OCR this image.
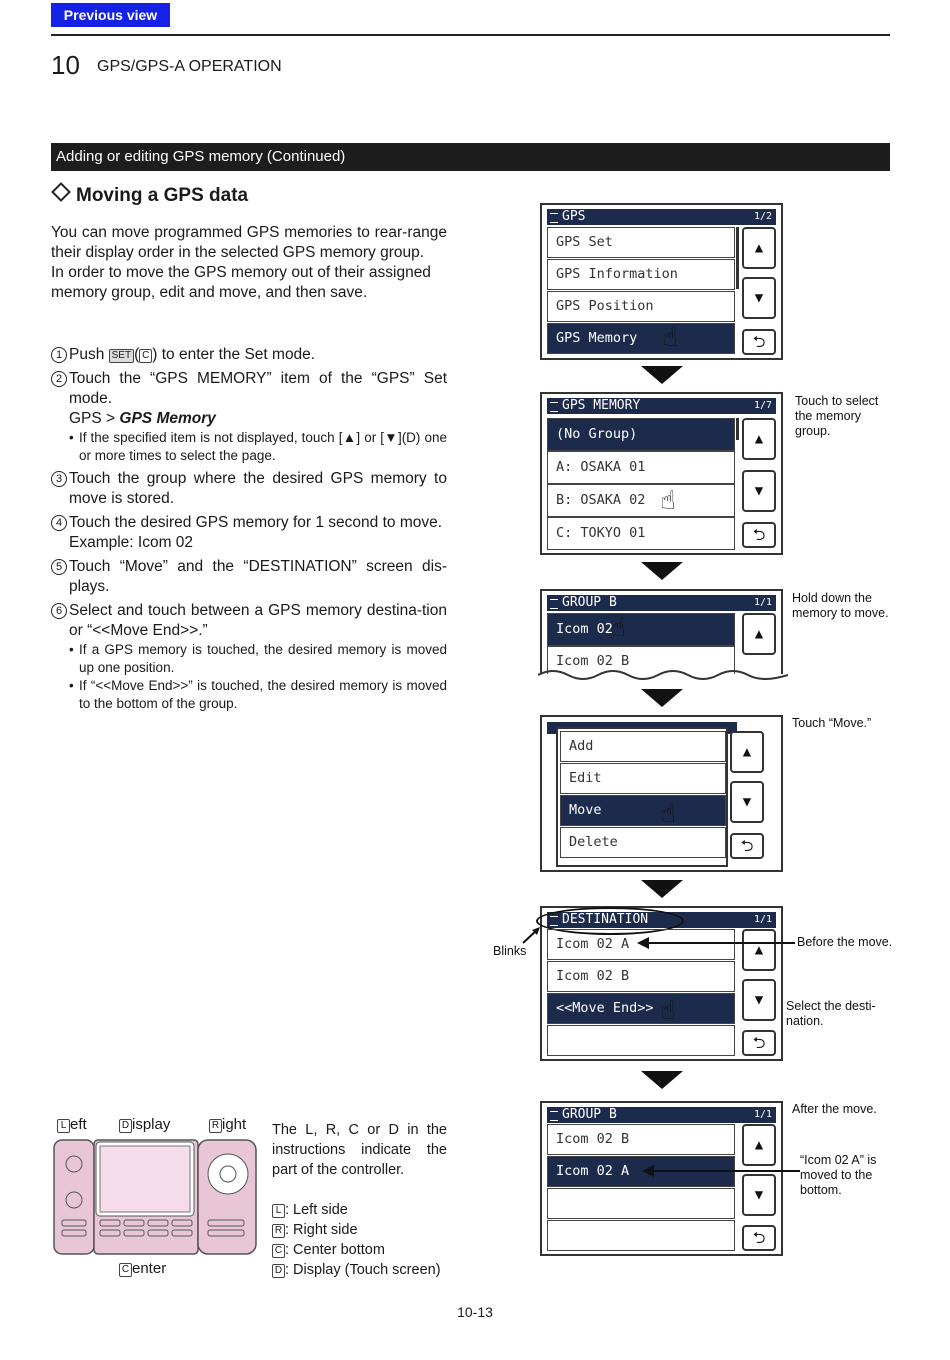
Previous view
10 GPS/GPS-A OPERATION
Adding or editing GPS memory (Continued)
Moving a GPS data
You can move programmed GPS memories to rear-range their display order in the selected GPS memory group.
In order to move the GPS memory out of their assigned memory group, edit and move, and then save.
1 Push SET ( C ) to enter the Set mode.
2 Touch the “GPS MEMORY” item of the “GPS” Set mode.
GPS > GPS Memory
• If the specified item is not displayed, touch [▲] or [▼](D) one or more times to select the page.
3 Touch the group where the desired GPS memory to move is stored.
4 Touch the desired GPS memory for 1 second to move.
Example: Icom 02
5 Touch “Move” and the “DESTINATION” screen dis-plays.
6 Select and touch between a GPS memory destina-tion or “<<Move End>>.”
• If a GPS memory is touched, the desired memory is moved up one position.
• If “<<Move End>>” is touched, the desired memory is moved to the bottom of the group.
GPS	1/2
GPS Set
GPS Information
GPS Position
GPS Memory
▲
▼
⮌
☝
GPS MEMORY	1/7
(No Group)
A: OSAKA 01
B: OSAKA 02
C: TOKYO 01
▲
▼
⮌
☝
Touch to select the memory group.
GROUP B	1/1
Icom 02
Icom 02 B
▲
☝
Hold down the memory to move.
Add
Edit
Move
Delete
▲
▼
⮌
☝
Touch “Move.”
DESTINATION	1/1
Icom 02 A
Icom 02 B
<<Move End>>
▲
▼
⮌
☝
Blinks
Before the move.
Select the desti-nation.
GROUP B	1/1
Icom 02 B
Icom 02 A
▲
▼
⮌
After the move.
“Icom 02 A” is moved to the bottom.
L eft	D isplay	R ight
C enter
The L, R, C or D in the instructions indicate the part of the controller.
L : Left side
R : Right side
C : Center bottom
D : Display (Touch screen)
10-13
